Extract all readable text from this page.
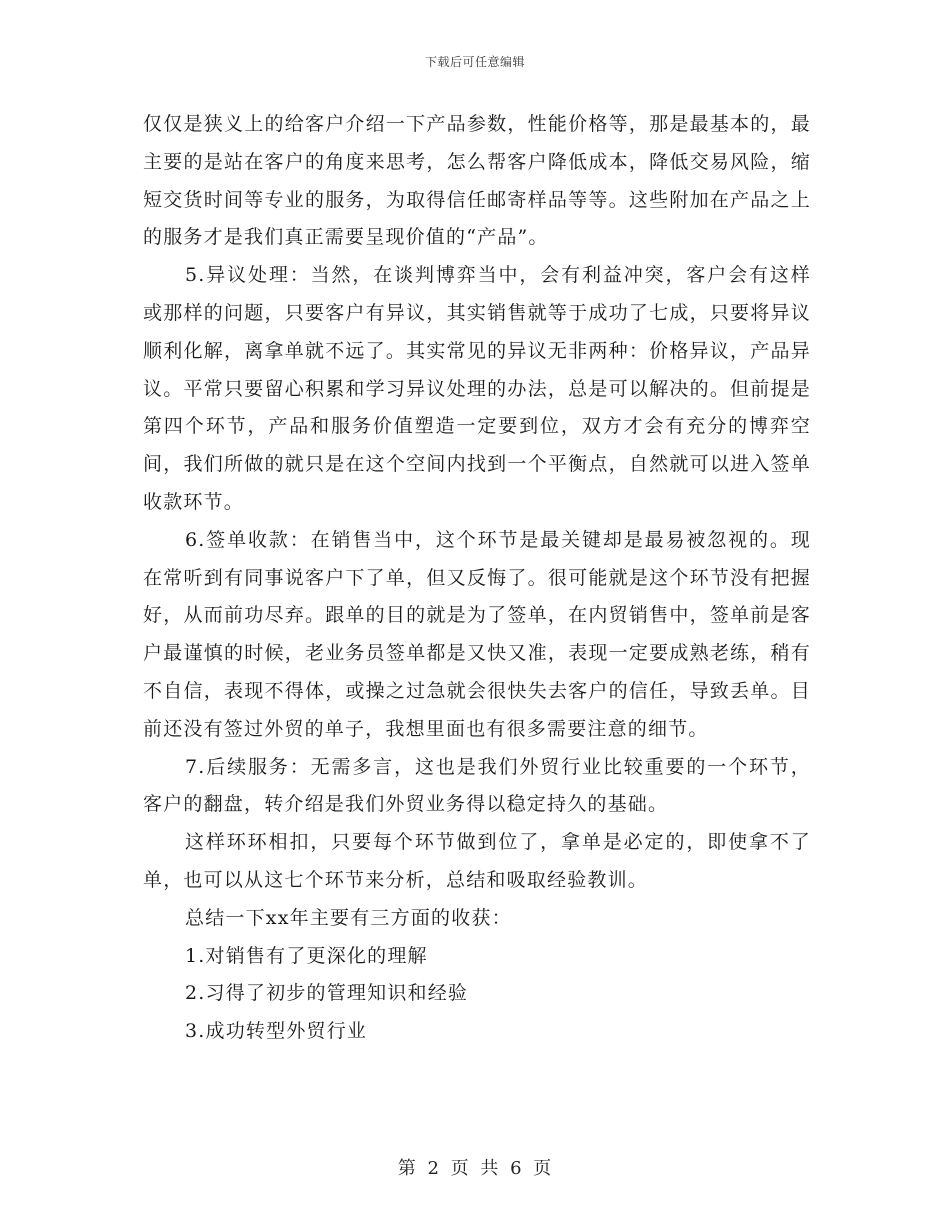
下载后可任意编辑

仅仅是狭义上的给客户介绍一下产品参数，性能价格等，那是最基本的，最主要的是站在客户的角度来思考，怎么帮客户降低成本，降低交易风险，缩短交货时间等专业的服务，为取得信任邮寄样品等等。这些附加在产品之上的服务才是我们真正需要呈现价值的“产品”。

5.异议处理：当然，在谈判博弈当中，会有利益冲突，客户会有这样或那样的问题，只要客户有异议，其实销售就等于成功了七成，只要将异议顺利化解，离拿单就不远了。其实常见的异议无非两种：价格异议，产品异议。平常只要留心积累和学习异议处理的办法，总是可以解决的。但前提是第四个环节，产品和服务价值塑造一定要到位，双方才会有充分的博弈空间，我们所做的就只是在这个空间内找到一个平衡点，自然就可以进入签单收款环节。

6.签单收款：在销售当中，这个环节是最关键却是最易被忽视的。现在常听到有同事说客户下了单，但又反悔了。很可能就是这个环节没有把握好，从而前功尽弃。跟单的目的就是为了签单，在内贸销售中，签单前是客户最谨慎的时候，老业务员签单都是又快又准，表现一定要成熟老练，稍有不自信，表现不得体，或操之过急就会很快失去客户的信任，导致丢单。目前还没有签过外贸的单子，我想里面也有很多需要注意的细节。

7.后续服务：无需多言，这也是我们外贸行业比较重要的一个环节，客户的翻盘，转介绍是我们外贸业务得以稳定持久的基础。

这样环环相扣，只要每个环节做到位了，拿单是必定的，即使拿不了单，也可以从这七个环节来分析，总结和吸取经验教训。

总结一下xx年主要有三方面的收获：

1.对销售有了更深化的理解

2.习得了初步的管理知识和经验

3.成功转型外贸行业

第 2 页 共 6 页
